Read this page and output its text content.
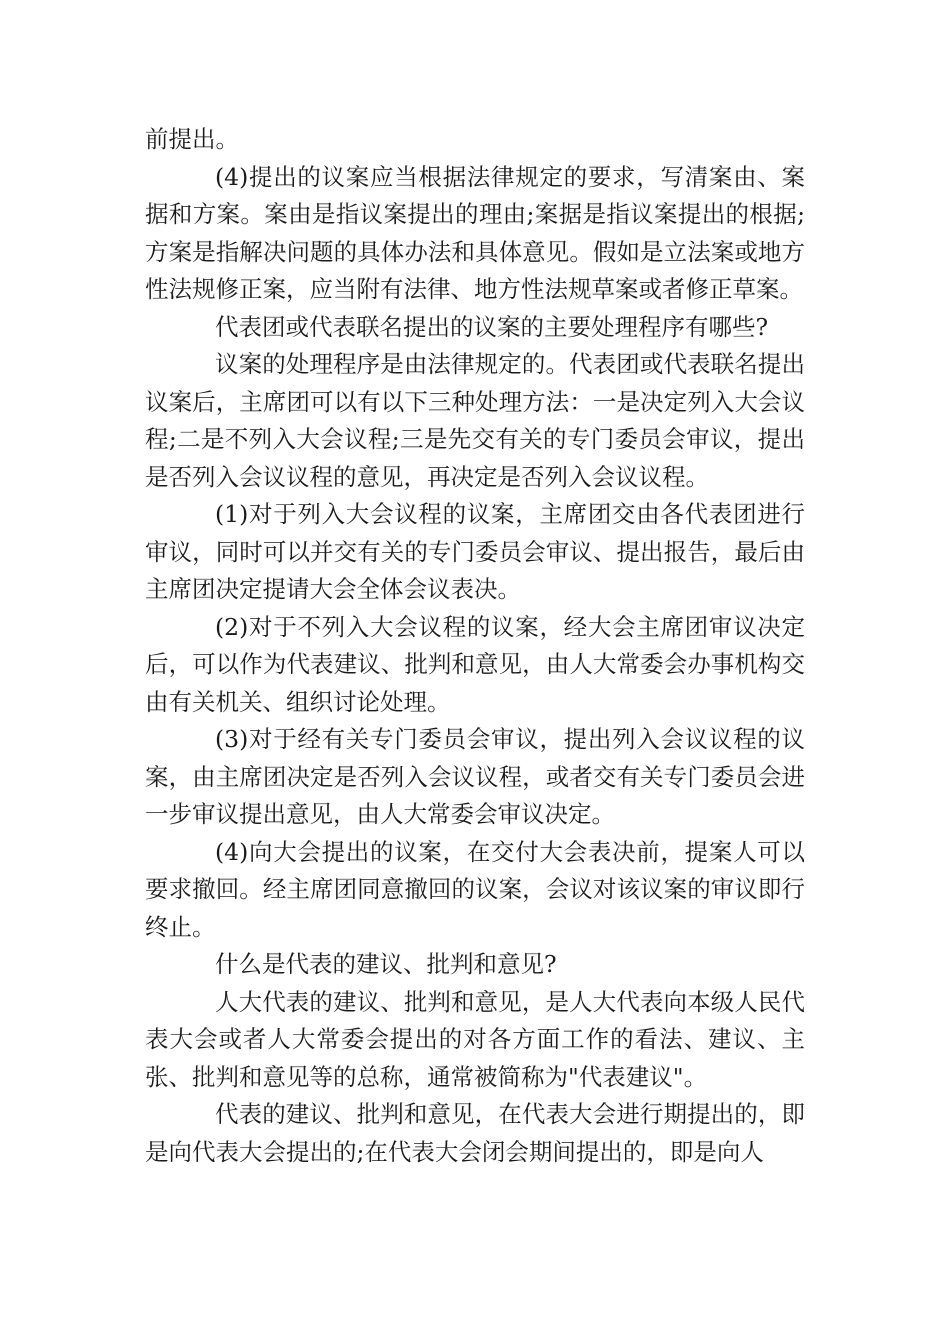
前提出。

(4)提出的议案应当根据法律规定的要求，写清案由、案据和方案。案由是指议案提出的理由;案据是指议案提出的根据;方案是指解决问题的具体办法和具体意见。假如是立法案或地方性法规修正案，应当附有法律、地方性法规草案或者修正草案。

代表团或代表联名提出的议案的主要处理程序有哪些?

议案的处理程序是由法律规定的。代表团或代表联名提出议案后，主席团可以有以下三种处理方法：一是决定列入大会议程;二是不列入大会议程;三是先交有关的专门委员会审议，提出是否列入会议议程的意见，再决定是否列入会议议程。

(1)对于列入大会议程的议案，主席团交由各代表团进行审议，同时可以并交有关的专门委员会审议、提出报告，最后由主席团决定提请大会全体会议表决。

(2)对于不列入大会议程的议案，经大会主席团审议决定后，可以作为代表建议、批判和意见，由人大常委会办事机构交由有关机关、组织讨论处理。

(3)对于经有关专门委员会审议，提出列入会议议程的议案，由主席团决定是否列入会议议程，或者交有关专门委员会进一步审议提出意见，由人大常委会审议决定。

(4)向大会提出的议案，在交付大会表决前，提案人可以要求撤回。经主席团同意撤回的议案，会议对该议案的审议即行终止。

什么是代表的建议、批判和意见?

人大代表的建议、批判和意见，是人大代表向本级人民代表大会或者人大常委会提出的对各方面工作的看法、建议、主张、批判和意见等的总称，通常被简称为"代表建议"。

代表的建议、批判和意见，在代表大会进行期提出的，即是向代表大会提出的;在代表大会闭会期间提出的，即是向人
